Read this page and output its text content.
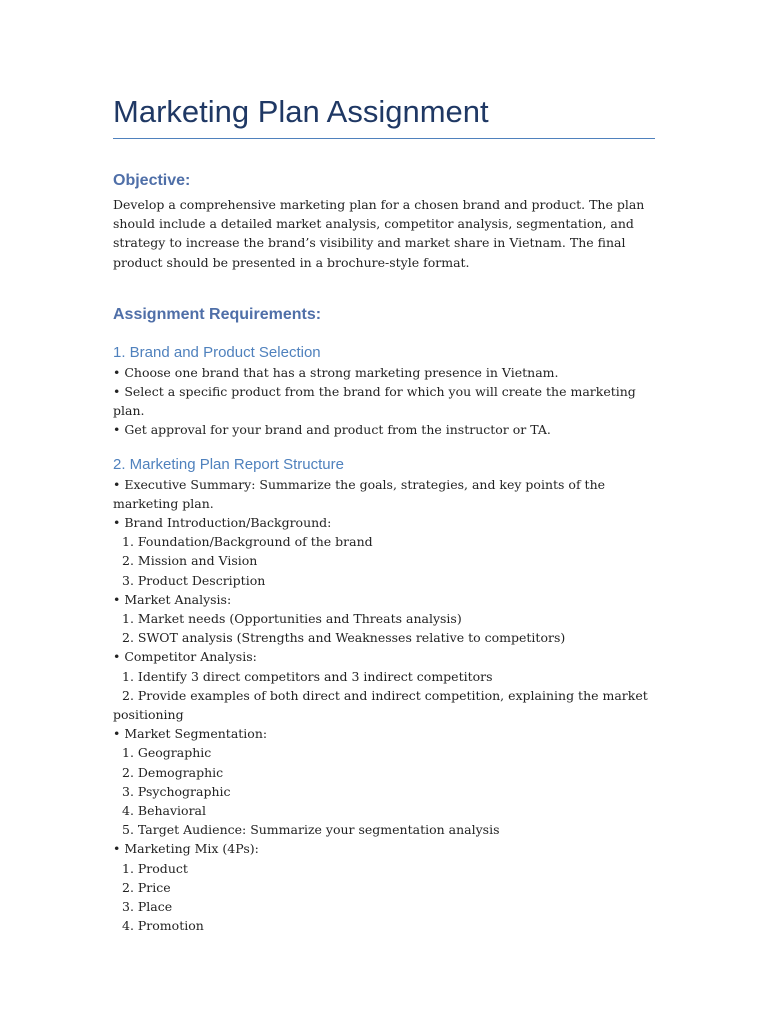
Marketing Plan Assignment
Objective:

Develop a comprehensive marketing plan for a chosen brand and product. The plan should include a detailed market analysis, competitor analysis, segmentation, and strategy to increase the brand’s visibility and market share in Vietnam. The final product should be presented in a brochure-style format.

Assignment Requirements:
1. Brand and Product Selection
• Choose one brand that has a strong marketing presence in Vietnam.
• Select a specific product from the brand for which you will create the marketing plan.
• Get approval for your brand and product from the instructor or TA.
2. Marketing Plan Report Structure
• Executive Summary: Summarize the goals, strategies, and key points of the marketing plan.
• Brand Introduction/Background:
1. Foundation/Background of the brand
2. Mission and Vision
3. Product Description
• Market Analysis:
1. Market needs (Opportunities and Threats analysis)
2. SWOT analysis (Strengths and Weaknesses relative to competitors)
• Competitor Analysis:
1. Identify 3 direct competitors and 3 indirect competitors
2. Provide examples of both direct and indirect competition, explaining the market positioning
• Market Segmentation:
1. Geographic
2. Demographic
3. Psychographic
4. Behavioral
5. Target Audience: Summarize your segmentation analysis
• Marketing Mix (4Ps):
1. Product
2. Price
3. Place
4. Promotion
